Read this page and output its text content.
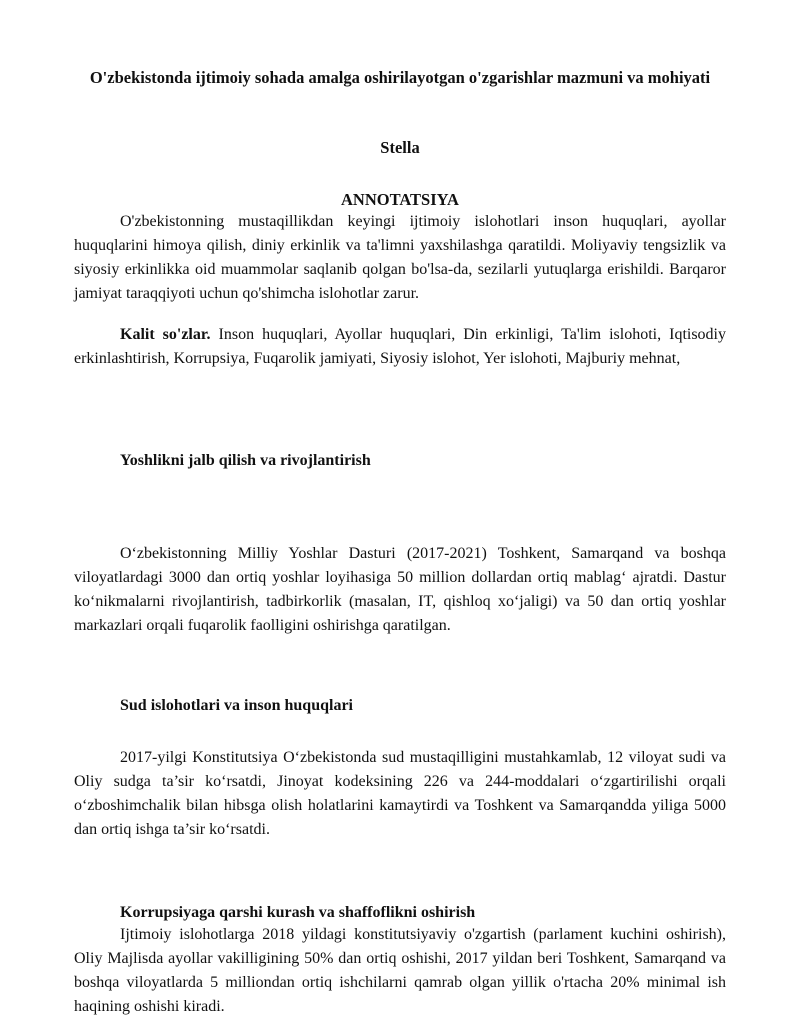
O'zbekistonda ijtimoiy sohada amalga oshirilayotgan o'zgarishlar mazmuni va mohiyati
Stella
ANNOTATSIYA

O'zbekistonning mustaqillikdan keyingi ijtimoiy islohotlari inson huquqlari, ayollar huquqlarini himoya qilish, diniy erkinlik va ta'limni yaxshilashga qaratildi. Moliyaviy tengsizlik va siyosiy erkinlikka oid muammolar saqlanib qolgan bo'lsa-da, sezilarli yutuqlarga erishildi. Barqaror jamiyat taraqqiyoti uchun qo'shimcha islohotlar zarur.

Kalit so'zlar. Inson huquqlari, Ayollar huquqlari, Din erkinligi, Ta'lim islohoti, Iqtisodiy erkinlashtirish, Korrupsiya, Fuqarolik jamiyati, Siyosiy islohot, Yer islohoti, Majburiy mehnat,

Yoshlikni jalb qilish va rivojlantirish

O‘zbekistonning Milliy Yoshlar Dasturi (2017-2021) Toshkent, Samarqand va boshqa viloyatlardagi 3000 dan ortiq yoshlar loyihasiga 50 million dollardan ortiq mablag‘ ajratdi. Dastur ko‘nikmalarni rivojlantirish, tadbirkorlik (masalan, IT, qishloq xo‘jaligi) va 50 dan ortiq yoshlar markazlari orqali fuqarolik faolligini oshirishga qaratilgan.

Sud islohotlari va inson huquqlari

2017-yilgi Konstitutsiya O‘zbekistonda sud mustaqilligini mustahkamlab, 12 viloyat sudi va Oliy sudga ta’sir ko‘rsatdi, Jinoyat kodeksining 226 va 244-moddalari o‘zgartirilishi orqali o‘zboshimchalik bilan hibsga olish holatlarini kamaytirdi va Toshkent va Samarqandda yiliga 5000 dan ortiq ishga ta’sir ko‘rsatdi.

Korrupsiyaga qarshi kurash va shaffoflikni oshirish

Ijtimoiy islohotlarga 2018 yildagi konstitutsiyaviy o'zgartish (parlament kuchini oshirish), Oliy Majlisda ayollar vakilligining 50% dan ortiq oshishi, 2017 yildan beri Toshkent, Samarqand va boshqa viloyatlarda 5 milliondan ortiq ishchilarni qamrab olgan yillik o'rtacha 20% minimal ish haqining oshishi kiradi.
